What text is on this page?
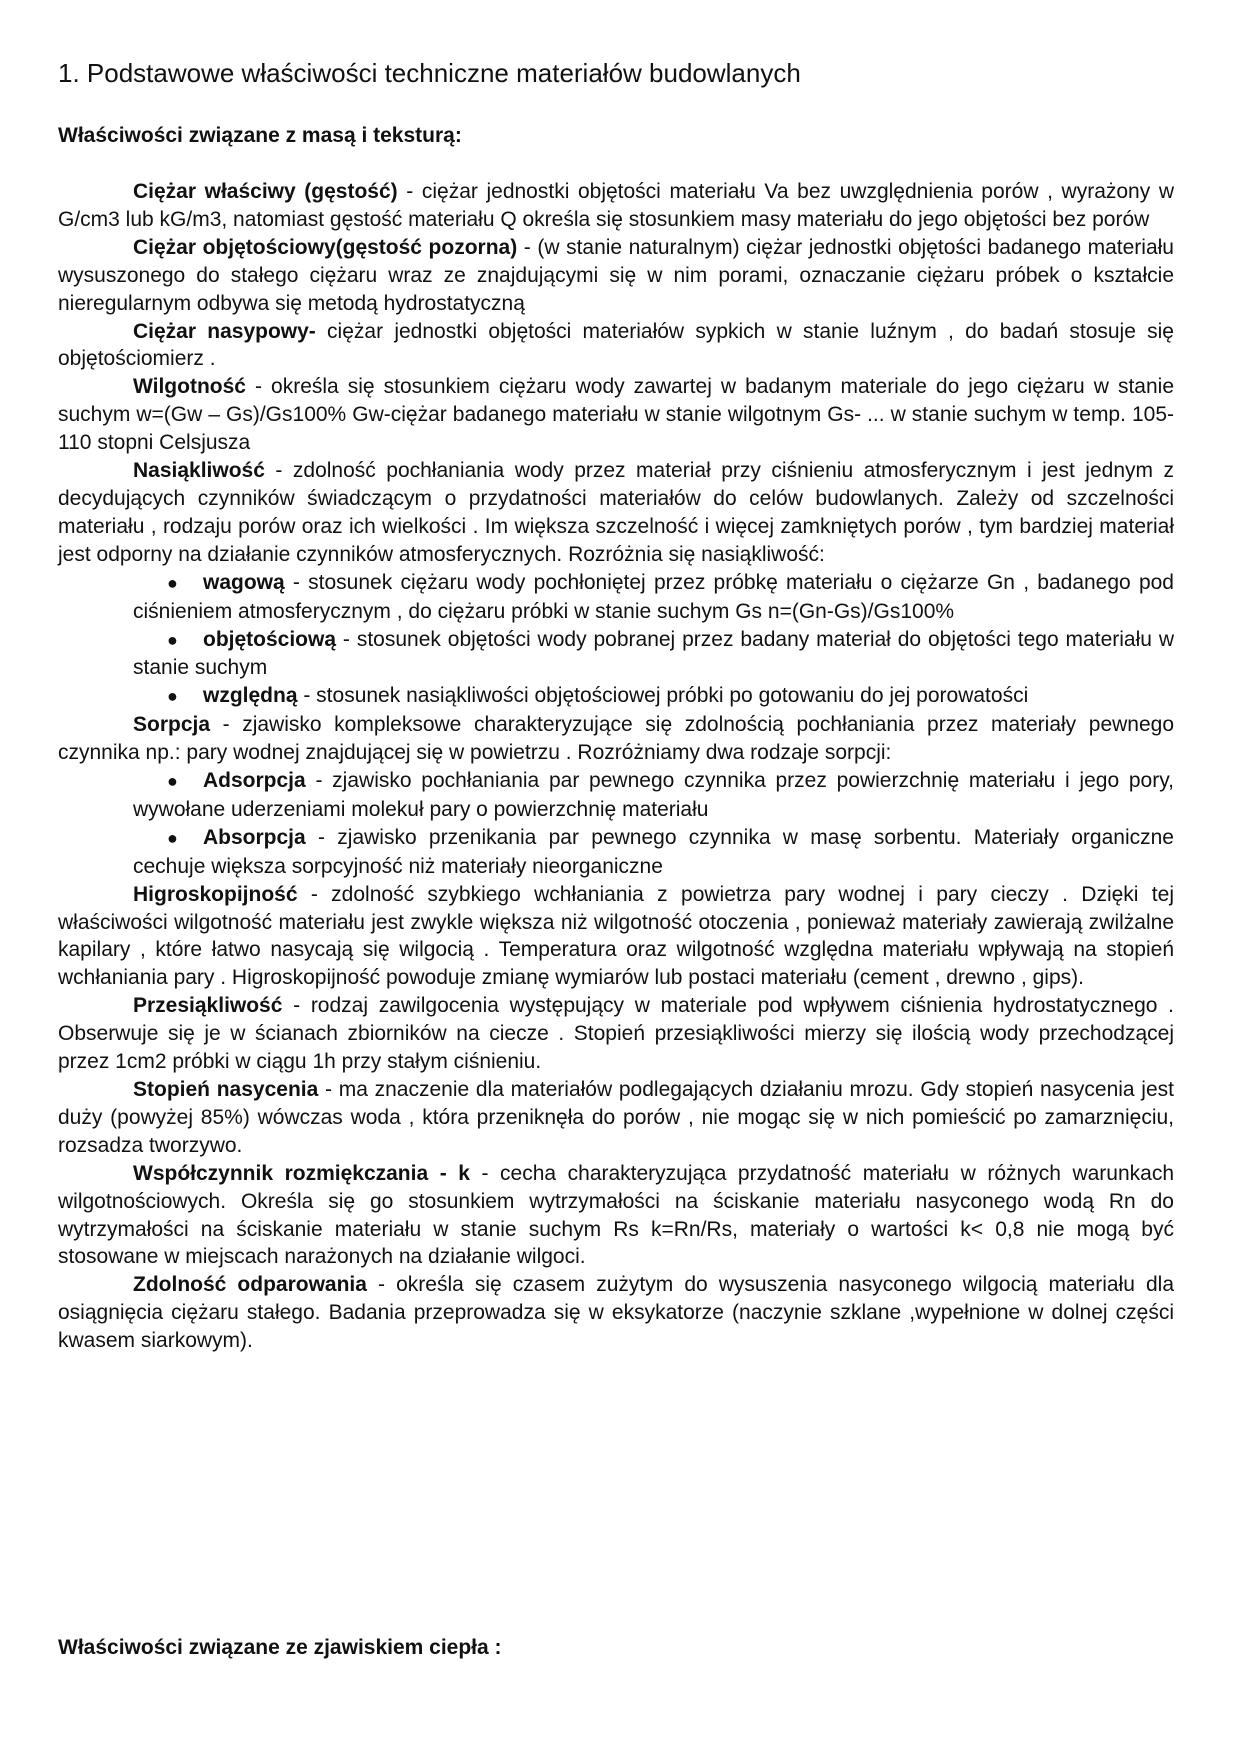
1. Podstawowe właściwości techniczne materiałów budowlanych
Właściwości związane z masą i teksturą:

Ciężar właściwy (gęstość) - ciężar jednostki objętości materiału Va bez uwzględnienia porów , wyrażony w G/cm3 lub kG/m3, natomiast gęstość materiału Q określa się stosunkiem masy materiału do jego objętości bez porów

Ciężar objętościowy(gęstość pozorna) - (w stanie naturalnym) ciężar jednostki objętości badanego materiału wysuszonego do stałego ciężaru wraz ze znajdującymi się w nim porami, oznaczanie ciężaru próbek o kształcie nieregularnym odbywa się metodą hydrostatyczną

Ciężar nasypowy- ciężar jednostki objętości materiałów sypkich w stanie luźnym , do badań stosuje się objętościomierz .

Wilgotność - określa się stosunkiem ciężaru wody zawartej w badanym materiale do jego ciężaru w stanie suchym w=(Gw – Gs)/Gs100% Gw-ciężar badanego materiału w stanie wilgotnym Gs- ... w stanie suchym w temp. 105-110 stopni Celsjusza

Nasiąkliwość - zdolność pochłaniania wody przez materiał przy ciśnieniu atmosferycznym i jest jednym z decydujących czynników świadczącym o przydatności materiałów do celów budowlanych. Zależy od szczelności materiału , rodzaju porów oraz ich wielkości . Im większa szczelność i więcej zamkniętych porów , tym bardziej materiał jest odporny na działanie czynników atmosferycznych. Rozróżnia się nasiąkliwość:

● wagową - stosunek ciężaru wody pochłoniętej przez próbkę materiału o ciężarze Gn , badanego pod ciśnieniem atmosferycznym , do ciężaru próbki w stanie suchym Gs n=(Gn-Gs)/Gs100%
● objętościową - stosunek objętości wody pobranej przez badany materiał do objętości tego materiału w stanie suchym
● względną - stosunek nasiąkliwości objętościowej próbki po gotowaniu do jej porowatości

Sorpcja - zjawisko kompleksowe charakteryzujące się zdolnością pochłaniania przez materiały pewnego czynnika np.: pary wodnej znajdującej się w powietrzu . Rozróżniamy dwa rodzaje sorpcji:

● Adsorpcja - zjawisko pochłaniania par pewnego czynnika przez powierzchnię materiału i jego pory, wywołane uderzeniami molekuł pary o powierzchnię materiału
● Absorpcja - zjawisko przenikania par pewnego czynnika w masę sorbentu. Materiały organiczne cechuje większa sorpcyjność niż materiały nieorganiczne

Higroskopijność - zdolność szybkiego wchłaniania z powietrza pary wodnej i pary cieczy . Dzięki tej właściwości wilgotność materiału jest zwykle większa niż wilgotność otoczenia , ponieważ materiały zawierają zwilżalne kapilary , które łatwo nasycają się wilgocią . Temperatura oraz wilgotność względna materiału wpływają na stopień wchłaniania pary . Higroskopijność powoduje zmianę wymiarów lub postaci materiału (cement , drewno , gips).

Przesiąkliwość - rodzaj zawilgocenia występujący w materiale pod wpływem ciśnienia hydrostatycznego . Obserwuje się je w ścianach zbiorników na ciecze . Stopień przesiąkliwości mierzy się ilością wody przechodzącej przez 1cm2 próbki w ciągu 1h przy stałym ciśnieniu.

Stopień nasycenia - ma znaczenie dla materiałów podlegających działaniu mrozu. Gdy stopień nasycenia jest duży (powyżej 85%) wówczas woda , która przeniknęła do porów , nie mogąc się w nich pomieścić po zamarznięciu, rozsadza tworzywo.

Współczynnik rozmiękczania - k - cecha charakteryzująca przydatność materiału w różnych warunkach wilgotnościowych. Określa się go stosunkiem wytrzymałości na ściskanie materiału nasyconego wodą Rn do wytrzymałości na ściskanie materiału w stanie suchym Rs k=Rn/Rs, materiały o wartości k< 0,8 nie mogą być stosowane w miejscach narażonych na działanie wilgoci.

Zdolność odparowania - określa się czasem zużytym do wysuszenia nasyconego wilgocią materiału dla osiągnięcia ciężaru stałego. Badania przeprowadza się w eksykatorze (naczynie szklane ,wypełnione w dolnej części kwasem siarkowym).

Właściwości związane ze zjawiskiem ciepła :
